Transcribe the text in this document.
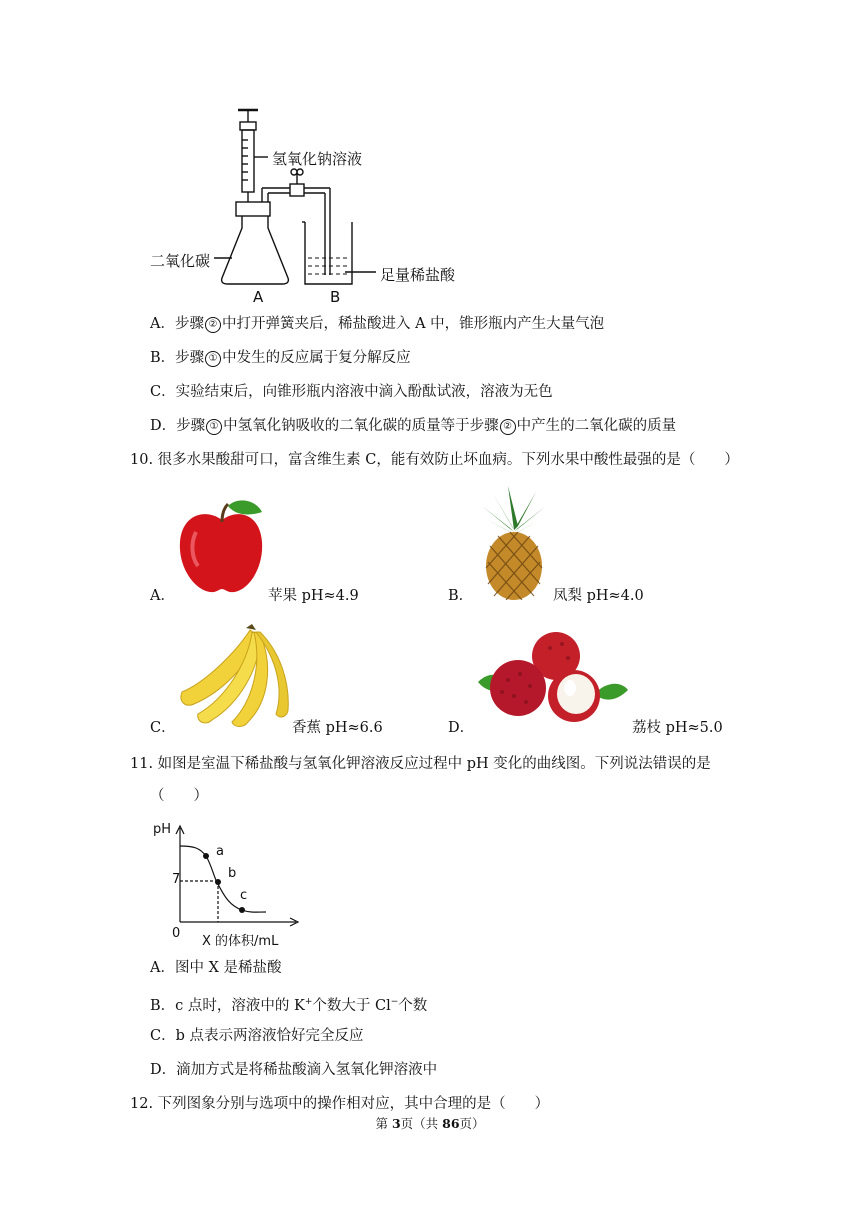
氢氧化钠溶液
二氧化碳
足量稀盐酸
A	B
A．步骤 ② 中打开弹簧夹后，稀盐酸进入 A 中，锥形瓶内产生大量气泡
B．步骤 ① 中发生的反应属于复分解反应
C．实验结束后，向锥形瓶内溶液中滴入酚酞试液，溶液为无色
D．步骤 ① 中氢氧化钠吸收的二氧化碳的质量等于步骤 ② 中产生的二氧化碳的质量
10. 很多水果酸甜可口，富含维生素 C，能有效防止坏血病。下列水果中酸性最强的是（　　）
A．	苹果 pH≈4.9	B．	凤梨 pH≈4.0
C．	香蕉 pH≈6.6	D．	荔枝 pH≈5.0
11. 如图是室温下稀盐酸与氢氧化钾溶液反应过程中 pH 变化的曲线图。下列说法错误的是
（　　）
pH
7
a
b
c
0
X 的体积/mL
A．图中 X 是稀盐酸
B．c 点时，溶液中的 K+个数大于 Cl−个数
C．b 点表示两溶液恰好完全反应
D．滴加方式是将稀盐酸滴入氢氧化钾溶液中
12. 下列图象分别与选项中的操作相对应，其中合理的是（　　）
第 3页（共 86页）
